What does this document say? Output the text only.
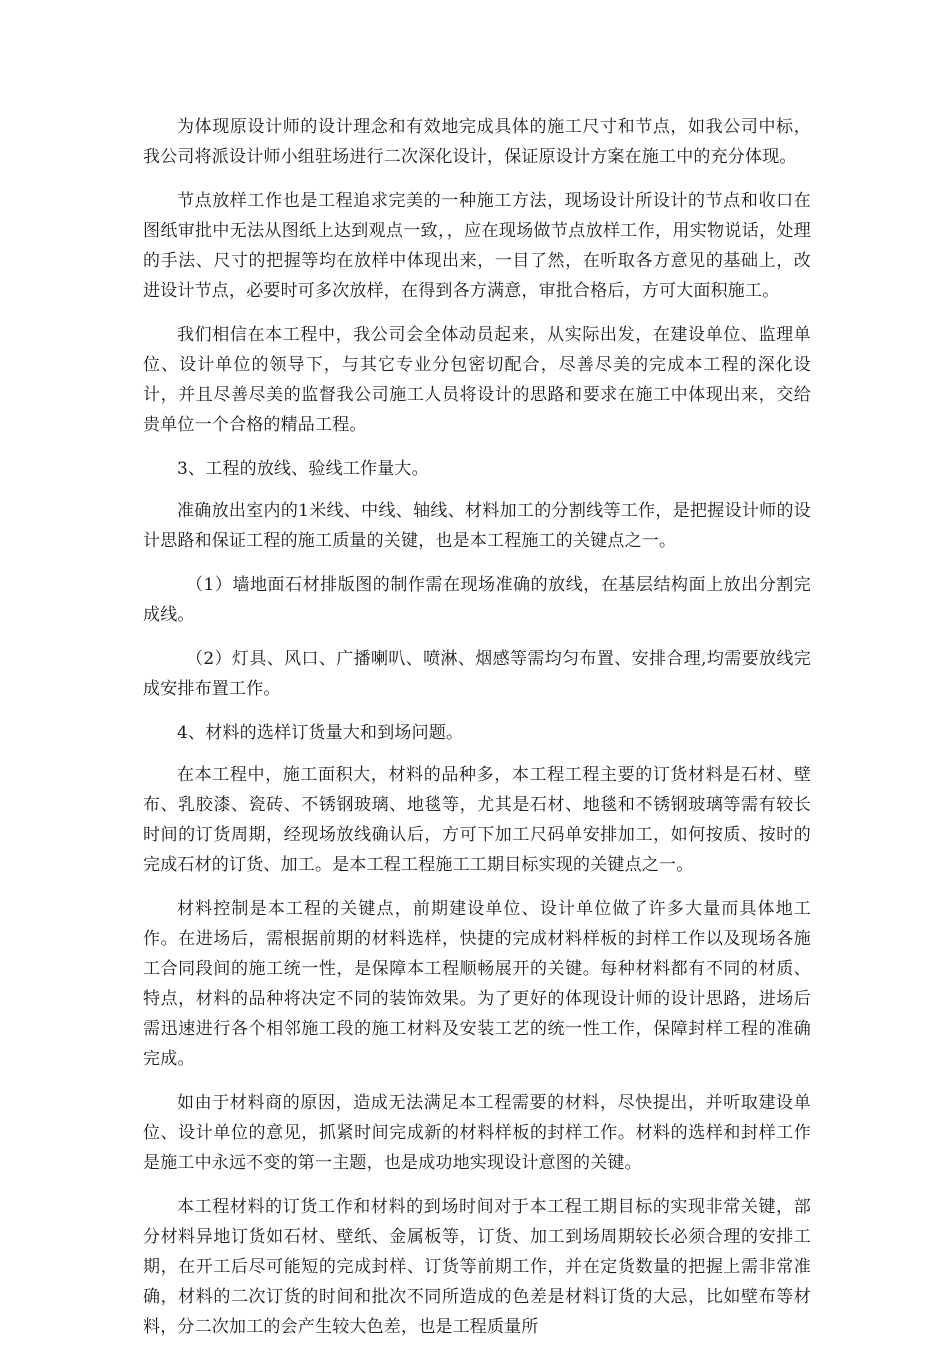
为体现原设计师的设计理念和有效地完成具体的施工尺寸和节点，如我公司中标，我公司将派设计师小组驻场进行二次深化设计，保证原设计方案在施工中的充分体现。

节点放样工作也是工程追求完美的一种施工方法，现场设计所设计的节点和收口在图纸审批中无法从图纸上达到观点一致，，应在现场做节点放样工作，用实物说话，处理的手法、尺寸的把握等均在放样中体现出来，一目了然，在听取各方意见的基础上，改进设计节点，必要时可多次放样，在得到各方满意，审批合格后，方可大面积施工。

我们相信在本工程中，我公司会全体动员起来，从实际出发，在建设单位、监理单位、设计单位的领导下，与其它专业分包密切配合，尽善尽美的完成本工程的深化设计，并且尽善尽美的监督我公司施工人员将设计的思路和要求在施工中体现出来，交给贵单位一个合格的精品工程。

3、工程的放线、验线工作量大。

准确放出室内的1米线、中线、轴线、材料加工的分割线等工作，是把握设计师的设计思路和保证工程的施工质量的关键，也是本工程施工的关键点之一。

（1）墙地面石材排版图的制作需在现场准确的放线，在基层结构面上放出分割完成线。

（2）灯具、风口、广播喇叭、喷淋、烟感等需均匀布置、安排合理,均需要放线完成安排布置工作。

4、材料的选样订货量大和到场问题。

在本工程中，施工面积大，材料的品种多，本工程工程主要的订货材料是石材、壁布、乳胶漆、瓷砖、不锈钢玻璃、地毯等，尤其是石材、地毯和不锈钢玻璃等需有较长时间的订货周期，经现场放线确认后，方可下加工尺码单安排加工，如何按质、按时的完成石材的订货、加工。是本工程工程施工工期目标实现的关键点之一。

材料控制是本工程的关键点，前期建设单位、设计单位做了许多大量而具体地工作。在进场后，需根据前期的材料选样，快捷的完成材料样板的封样工作以及现场各施工合同段间的施工统一性，是保障本工程顺畅展开的关键。每种材料都有不同的材质、特点，材料的品种将决定不同的装饰效果。为了更好的体现设计师的设计思路，进场后需迅速进行各个相邻施工段的施工材料及安装工艺的统一性工作，保障封样工程的准确完成。

如由于材料商的原因，造成无法满足本工程需要的材料，尽快提出，并听取建设单位、设计单位的意见，抓紧时间完成新的材料样板的封样工作。材料的选样和封样工作是施工中永远不变的第一主题，也是成功地实现设计意图的关键。

本工程材料的订货工作和材料的到场时间对于本工程工期目标的实现非常关键，部分材料异地订货如石材、壁纸、金属板等，订货、加工到场周期较长必须合理的安排工期，在开工后尽可能短的完成封样、订货等前期工作，并在定货数量的把握上需非常准确，材料的二次订货的时间和批次不同所造成的色差是材料订货的大忌，比如壁布等材料，分二次加工的会产生较大色差，也是工程质量所
